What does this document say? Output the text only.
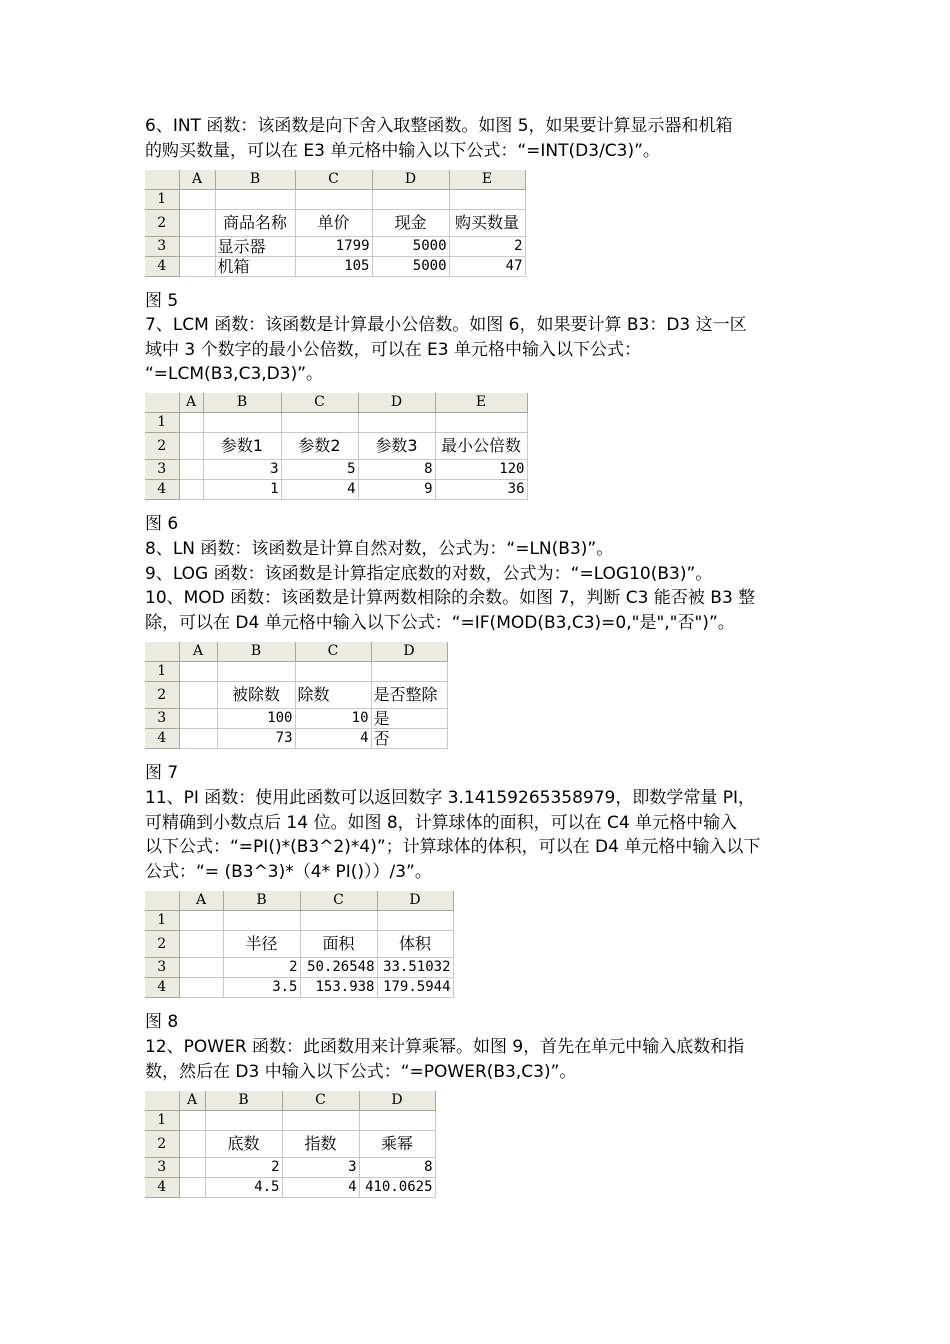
6、INT 函数：该函数是向下舍入取整函数。如图 5，如果要计算显示器和机箱

的购买数量，可以在 E3 单元格中输入以下公式：“=INT(D3/C3)”。

	A	B	C	D	E
1					
2		商品名称	单价	现金	购买数量
3		显示器	1799	5000	2
4		机箱	105	5000	47
图 5

7、LCM 函数：该函数是计算最小公倍数。如图 6，如果要计算 B3：D3 这一区

域中 3 个数字的最小公倍数，可以在 E3 单元格中输入以下公式：

“=LCM(B3,C3,D3)”。

	A	B	C	D	E
1					
2		参数1	参数2	参数3	最小公倍数
3		3	5	8	120
4		1	4	9	36
图 6

8、LN 函数：该函数是计算自然对数，公式为：“=LN(B3)”。

9、LOG 函数：该函数是计算指定底数的对数，公式为：“=LOG10(B3)”。

10、MOD 函数：该函数是计算两数相除的余数。如图 7，判断 C3 能否被 B3 整

除，可以在 D4 单元格中输入以下公式：“=IF(MOD(B3,C3)=0,"是","否")”。

	A	B	C	D
1				
2		被除数	除数	是否整除
3		100	10	是
4		73	4	否
图 7

11、PI 函数：使用此函数可以返回数字 3.14159265358979，即数学常量 PI，

可精确到小数点后 14 位。如图 8，计算球体的面积，可以在 C4 单元格中输入

以下公式：“=PI()*(B3^2)*4)”；计算球体的体积，可以在 D4 单元格中输入以下

公式：“= (B3^3)*（4* PI()））/3”。

	A	B	C	D
1				
2		半径	面积	体积
3		2	50.26548	33.51032
4		3.5	153.938	179.5944
图 8

12、POWER 函数：此函数用来计算乘幂。如图 9，首先在单元中输入底数和指

数，然后在 D3 中输入以下公式：“=POWER(B3,C3)”。

	A	B	C	D
1				
2		底数	指数	乘幂
3		2	3	8
4		4.5	4	410.0625
